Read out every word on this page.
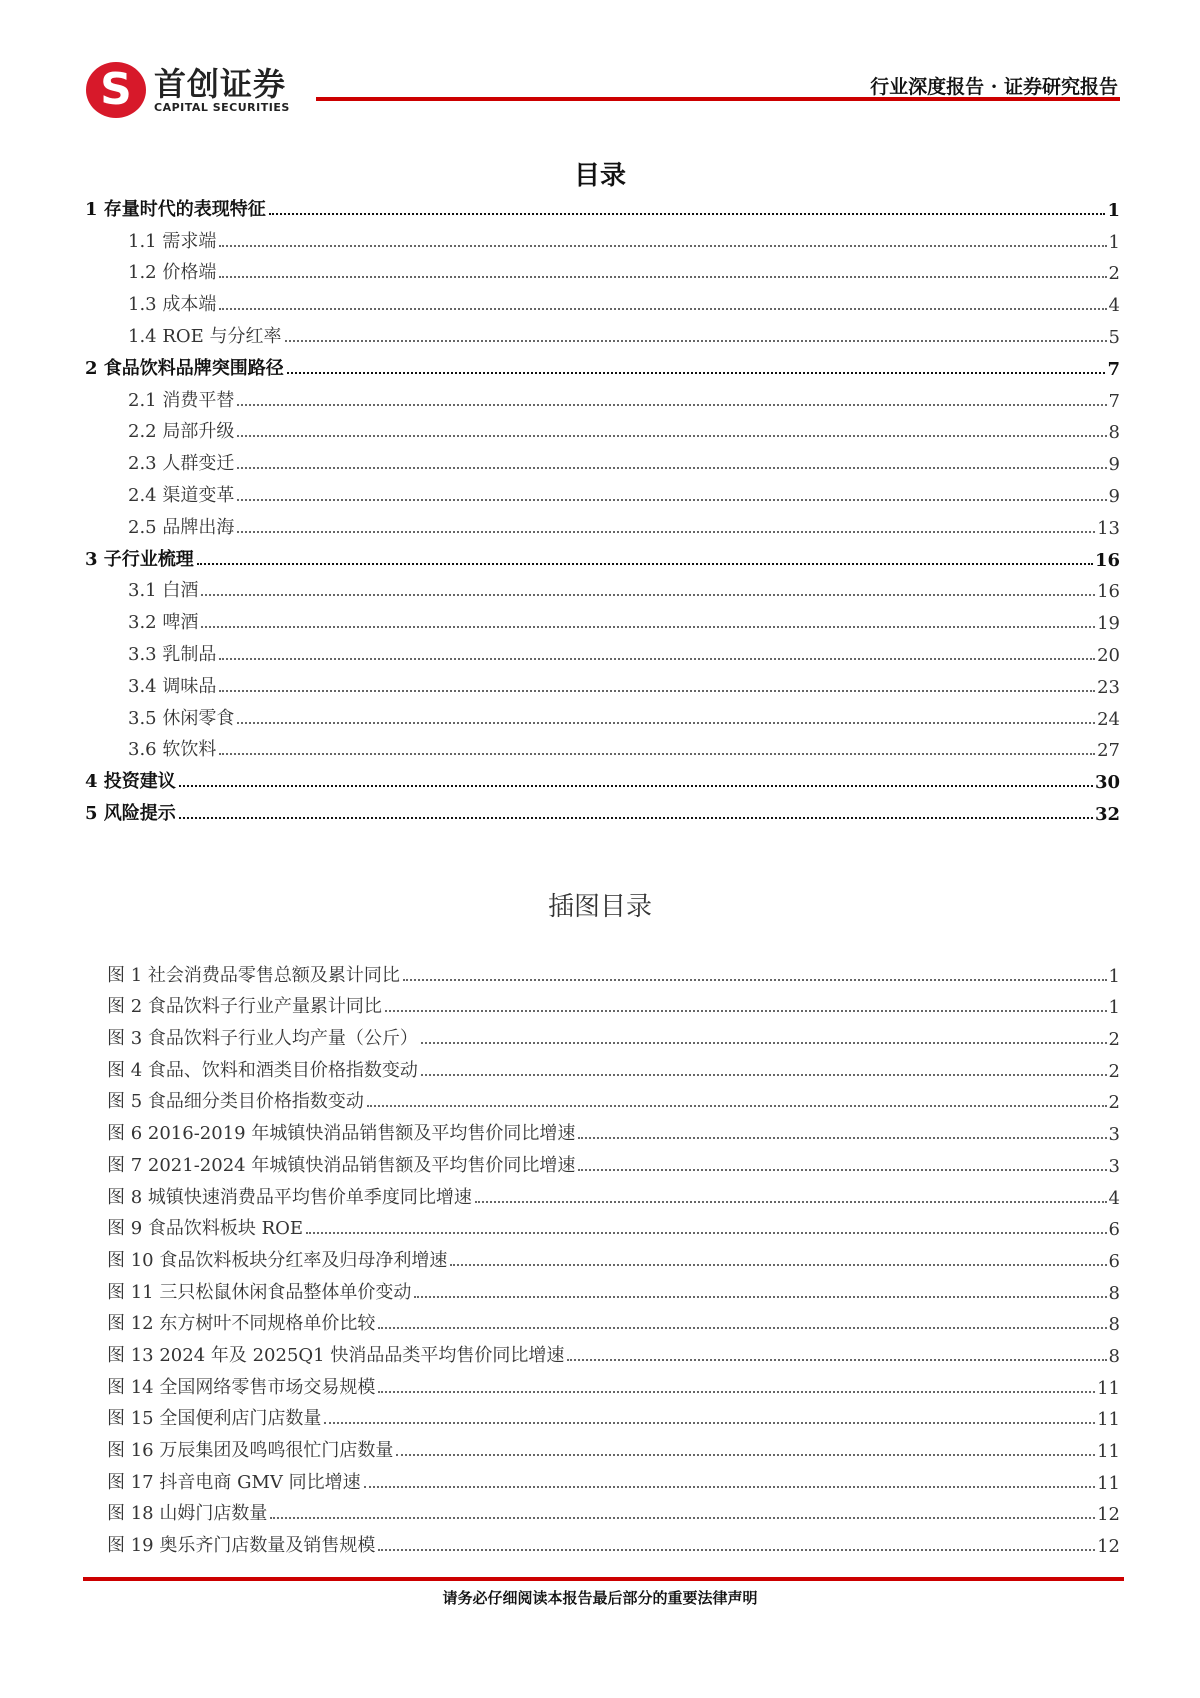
S
首创证券
CAPITAL SECURITIES
行业深度报告 · 证券研究报告
目录
1 存量时代的表现特征	1
1.1 需求端	1
1.2 价格端	2
1.3 成本端	4
1.4 ROE 与分红率	5
2 食品饮料品牌突围路径	7
2.1 消费平替	7
2.2 局部升级	8
2.3 人群变迁	9
2.4 渠道变革	9
2.5 品牌出海	13
3 子行业梳理	16
3.1 白酒	16
3.2 啤酒	19
3.3 乳制品	20
3.4 调味品	23
3.5 休闲零食	24
3.6 软饮料	27
4 投资建议	30
5 风险提示	32
插图目录
图 1 社会消费品零售总额及累计同比	1
图 2 食品饮料子行业产量累计同比	1
图 3 食品饮料子行业人均产量（公斤）	2
图 4 食品、饮料和酒类目价格指数变动	2
图 5 食品细分类目价格指数变动	2
图 6 2016-2019 年城镇快消品销售额及平均售价同比增速	3
图 7 2021-2024 年城镇快消品销售额及平均售价同比增速	3
图 8 城镇快速消费品平均售价单季度同比增速	4
图 9 食品饮料板块 ROE	6
图 10 食品饮料板块分红率及归母净利增速	6
图 11 三只松鼠休闲食品整体单价变动	8
图 12 东方树叶不同规格单价比较	8
图 13 2024 年及 2025Q1 快消品品类平均售价同比增速	8
图 14 全国网络零售市场交易规模	11
图 15 全国便利店门店数量	11
图 16 万辰集团及鸣鸣很忙门店数量	11
图 17 抖音电商 GMV 同比增速	11
图 18 山姆门店数量	12
图 19 奥乐齐门店数量及销售规模	12
请务必仔细阅读本报告最后部分的重要法律声明
